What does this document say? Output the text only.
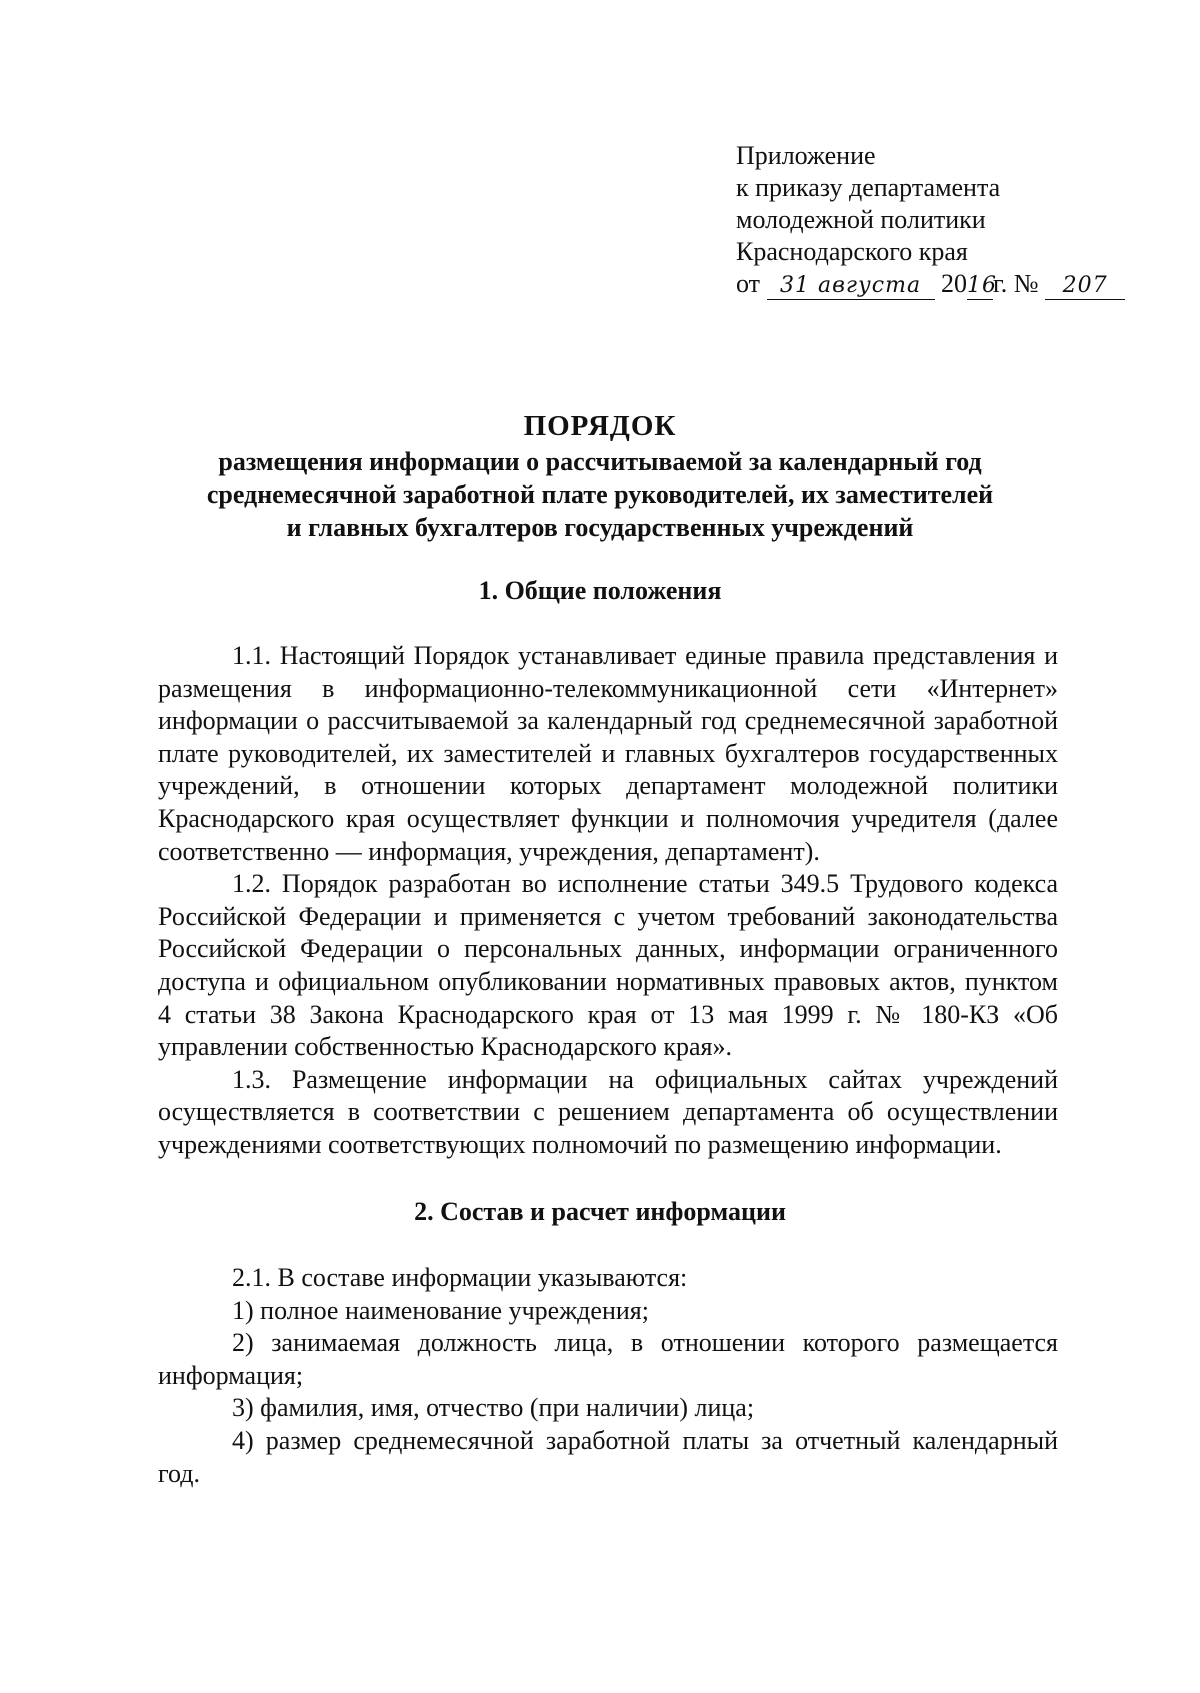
Приложение
к приказу департамента
молодежной политики
Краснодарского края
от 31 августа 2016г. № 207
ПОРЯДОК
размещения информации о рассчитываемой за календарный год
среднемесячной заработной плате руководителей, их заместителей
и главных бухгалтеров государственных учреждений
1. Общие положения

1.1. Настоящий Порядок устанавливает единые правила представления и размещения в информационно-телекоммуникационной сети «Интернет» информации о рассчитываемой за календарный год среднемесячной заработной плате руководителей, их заместителей и главных бухгалтеров государственных учреждений, в отношении которых департамент молодежной политики Краснодарского края осуществляет функции и полномочия учредителя (далее соответственно — информация, учреждения, департамент).

1.2. Порядок разработан во исполнение статьи 349.5 Трудового кодекса Российской Федерации и применяется с учетом требований законодательства Российской Федерации о персональных данных, информации ограниченного доступа и официальном опубликовании нормативных правовых актов, пунктом 4 статьи 38 Закона Краснодарского края от 13 мая 1999 г. № 180-КЗ «Об управлении собственностью Краснодарского края».

1.3. Размещение информации на официальных сайтах учреждений осуществляется в соответствии с решением департамента об осуществлении учреждениями соответствующих полномочий по размещению информации.

2. Состав и расчет информации

2.1. В составе информации указываются:

1) полное наименование учреждения;

2) занимаемая должность лица, в отношении которого размещается информация;

3) фамилия, имя, отчество (при наличии) лица;

4) размер среднемесячной заработной платы за отчетный календарный год.
